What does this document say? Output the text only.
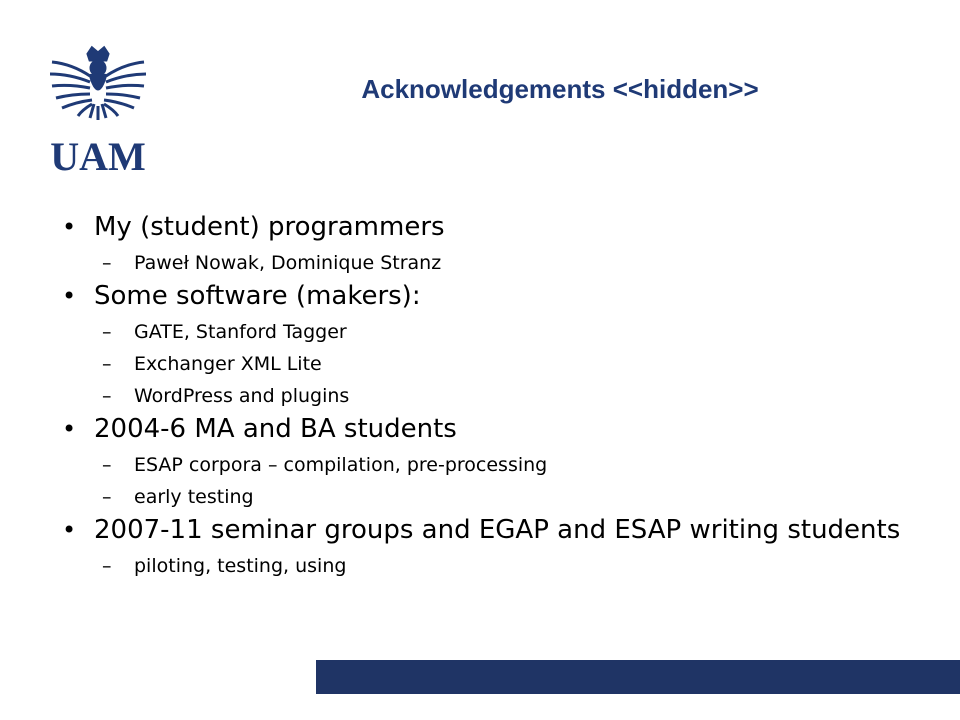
UAM
Acknowledgements <<hidden>>
• My (student) programmers
– Paweł Nowak, Dominique Stranz
• Some software (makers):
– GATE, Stanford Tagger
– Exchanger XML Lite
– WordPress and plugins
• 2004-6 MA and BA students
– ESAP corpora – compilation, pre-processing
– early testing
• 2007-11 seminar groups and EGAP and ESAP writing students
– piloting, testing, using
